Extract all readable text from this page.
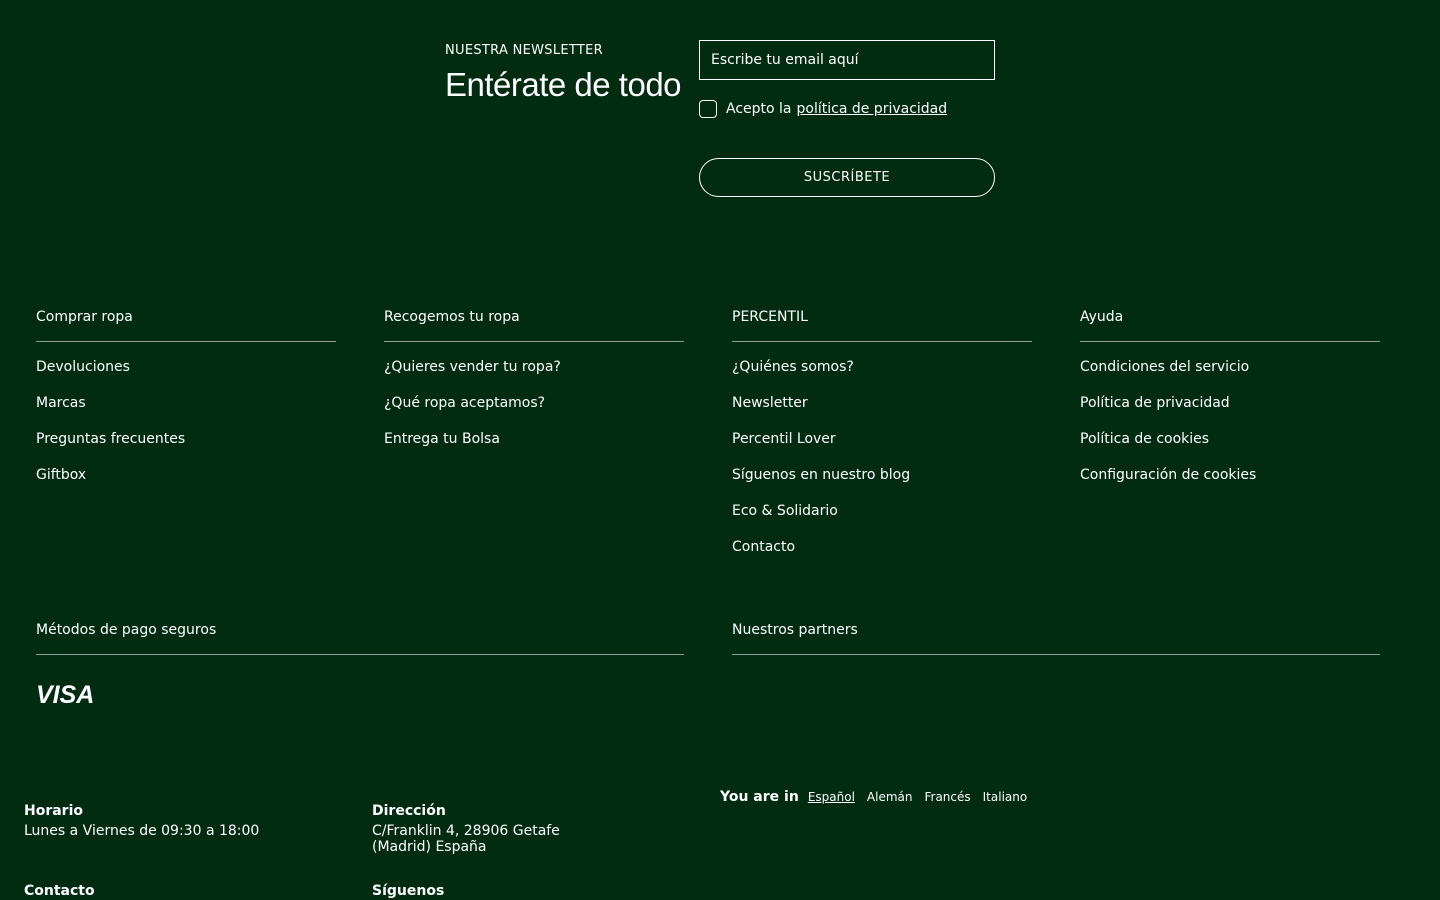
NUESTRA NEWSLETTER
Entérate de todo
Escribe tu email aquí
Acepto la política de privacidad
SUSCRÍBETE
Comprar ropa
Devoluciones
Marcas
Preguntas frecuentes
Giftbox
Recogemos tu ropa
¿Quieres vender tu ropa?
¿Qué ropa aceptamos?
Entrega tu Bolsa
PERCENTIL
¿Quiénes somos?
Newsletter
Percentil Lover
Síguenos en nuestro blog
Eco & Solidario
Contacto
Ayuda
Condiciones del servicio
Política de privacidad
Política de cookies
Configuración de cookies
Métodos de pago seguros
VISA
Nuestros partners
Horario
Lunes a Viernes de 09:30 a 18:00
Dirección
C/Franklin 4, 28906 Getafe
(Madrid) España
Contacto	Síguenos
You are in Español Alemán Francés Italiano
